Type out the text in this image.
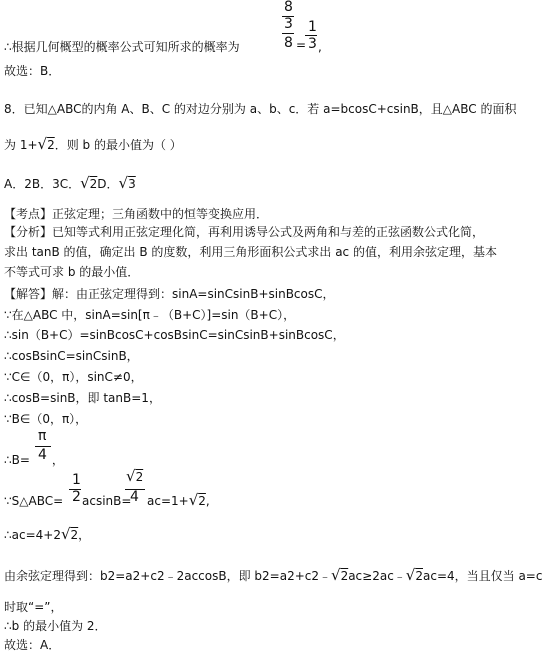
8
3
8 =
1
3 ,
∴根据几何概型的概率公式可知所求的概率为
故选：B．
8．已知△ABC的内角 A、B、C 的对边分别为 a、b、c．若 a=bcosC+csinB，且△ABC 的面积
为 1+√2．则 b 的最小值为（ ）
A．2B．3C．√2D．√3
【考点】正弦定理；三角函数中的恒等变换应用．
【分析】已知等式利用正弦定理化简，再利用诱导公式及两角和与差的正弦函数公式化简，
求出 tanB 的值，确定出 B 的度数，利用三角形面积公式求出 ac 的值，利用余弦定理，基本
不等式可求 b 的最小值．
【解答】解：由正弦定理得到：sinA=sinCsinB+sinBcosC，
∵在△ABC 中，sinA=sin[π﹣（B+C）]=sin（B+C），
∴sin（B+C）=sinBcosC+cosBsinC=sinCsinB+sinBcosC，
∴cosBsinC=sinCsinB，
∵C∈（0，π），sinC≠0，
∴cosB=sinB，即 tanB=1，
∵B∈（0，π），
π
4
∴B= ，
1
2
√2
4
∵S△ABC= acsinB= ac=1+√2,
∴ac=4+2√2，
由余弦定理得到：b2=a2+c2﹣2accosB，即 b2=a2+c2﹣√2ac≥2ac﹣√2ac=4，当且仅当 a=c
时取“=”，
∴b 的最小值为 2．
故选：A．
